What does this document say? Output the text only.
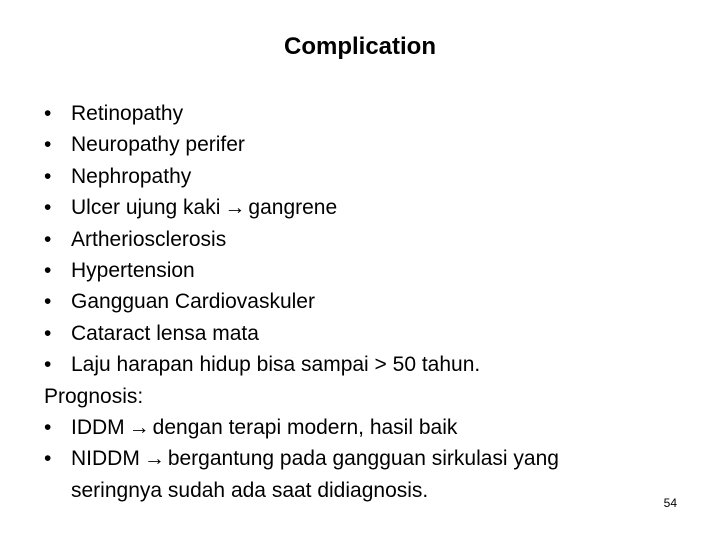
Complication
• Retinopathy
• Neuropathy perifer
• Nephropathy
• Ulcer ujung kaki → gangrene
• Artheriosclerosis
• Hypertension
• Gangguan Cardiovaskuler
• Cataract lensa mata
• Laju harapan hidup bisa sampai > 50 tahun.
Prognosis:
• IDDM → dengan terapi modern, hasil baik
• NIDDM → bergantung pada gangguan sirkulasi yang
seringnya sudah ada saat didiagnosis.
54
